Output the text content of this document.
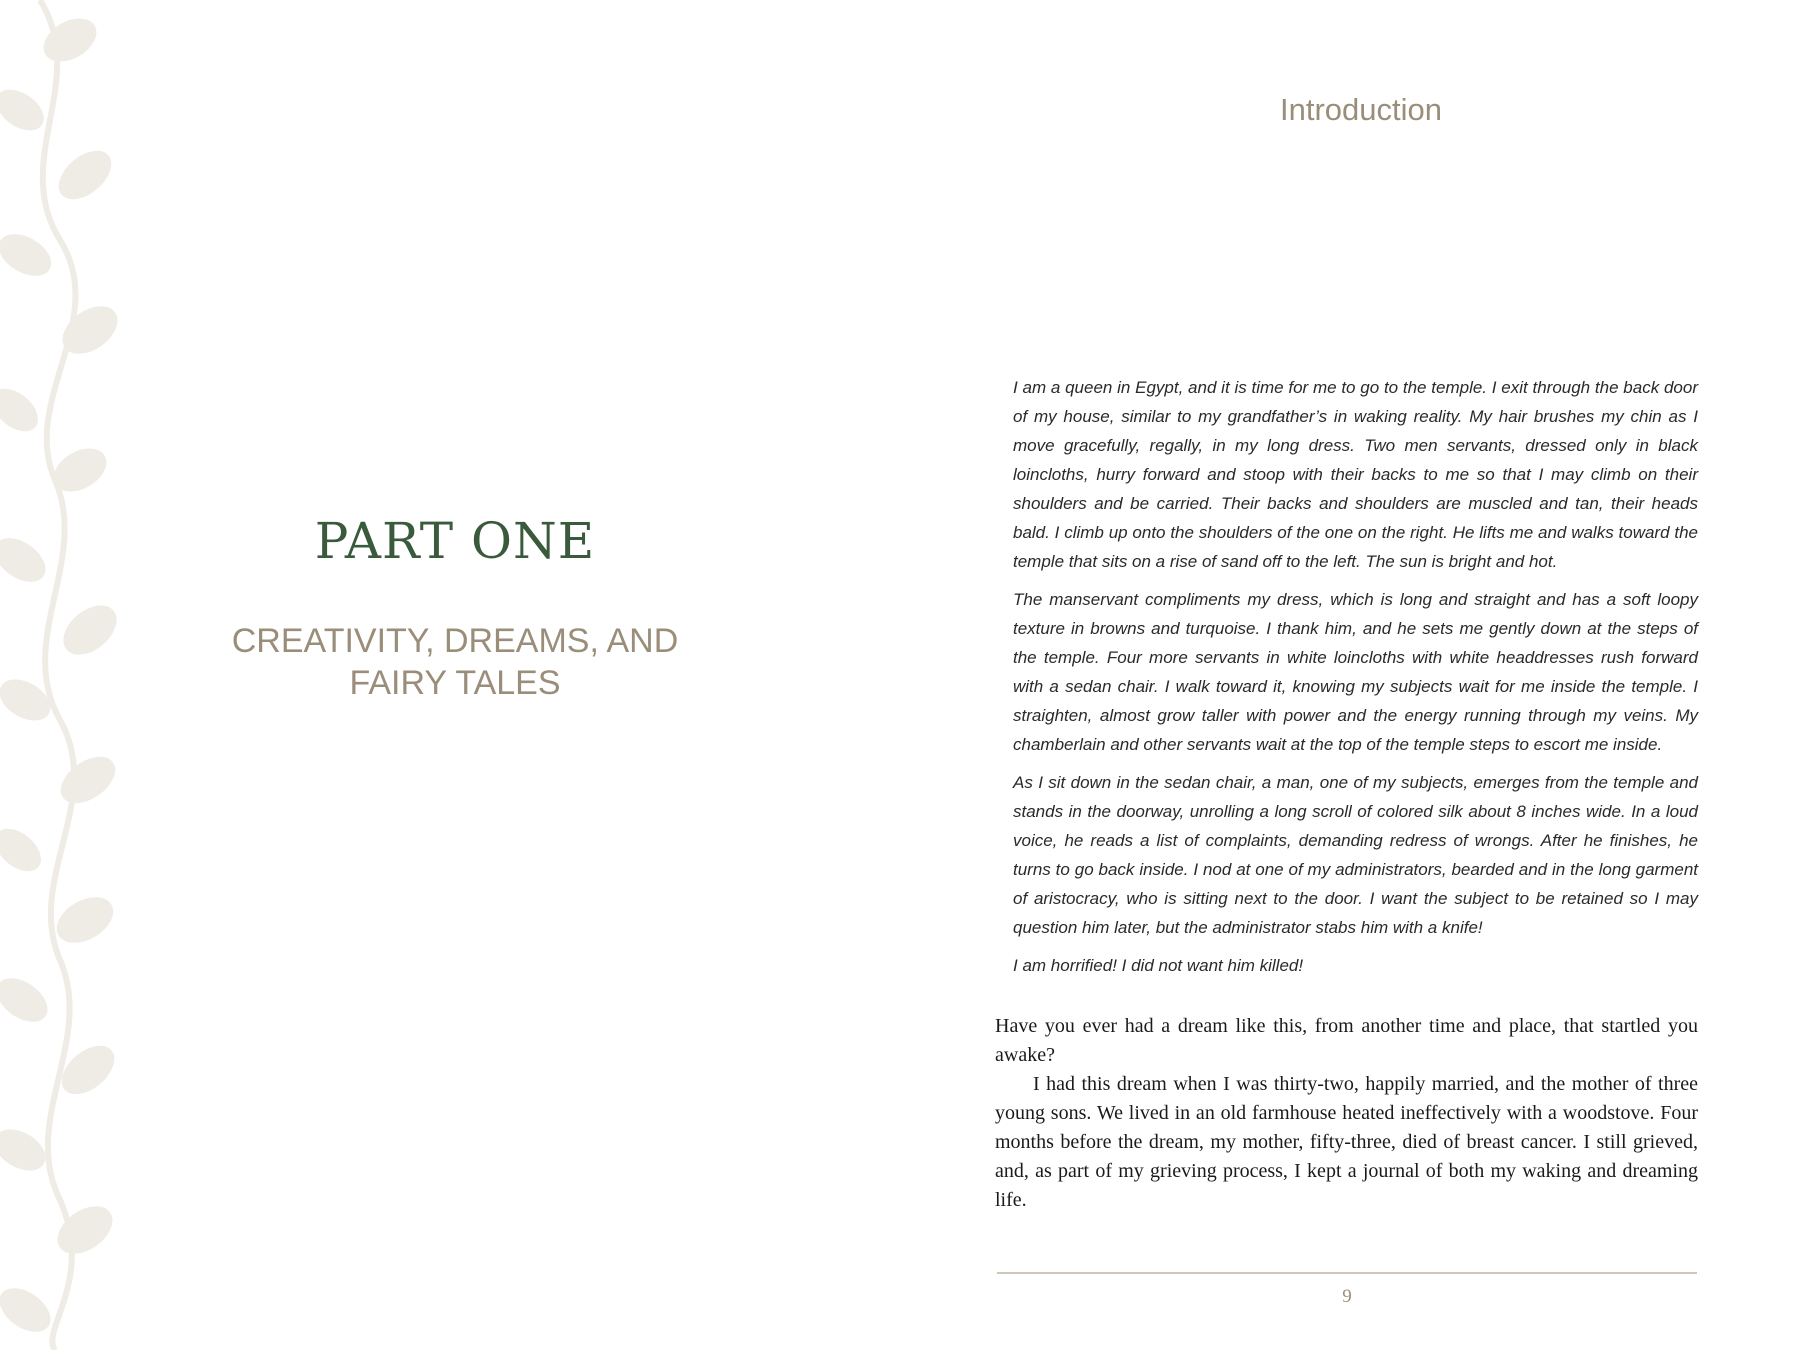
PART ONE
CREATIVITY, DREAMS, AND
FAIRY TALES
Introduction

I am a queen in Egypt, and it is time for me to go to the temple. I exit through the back door of my house, similar to my grandfather’s in waking reality. My hair brushes my chin as I move gracefully, regally, in my long dress. Two men servants, dressed only in black loincloths, hurry forward and stoop with their backs to me so that I may climb on their shoulders and be carried. Their backs and shoulders are muscled and tan, their heads bald. I climb up onto the shoulders of the one on the right. He lifts me and walks toward the temple that sits on a rise of sand off to the left. The sun is bright and hot.

The manservant compliments my dress, which is long and straight and has a soft loopy texture in browns and turquoise. I thank him, and he sets me gently down at the steps of the temple. Four more servants in white loincloths with white headdresses rush forward with a sedan chair. I walk toward it, knowing my subjects wait for me inside the temple. I straighten, almost grow taller with power and the energy running through my veins. My chamberlain and other servants wait at the top of the temple steps to escort me inside.

As I sit down in the sedan chair, a man, one of my subjects, emerges from the temple and stands in the doorway, unrolling a long scroll of colored silk about 8 inches wide. In a loud voice, he reads a list of complaints, demanding redress of wrongs. After he finishes, he turns to go back inside. I nod at one of my administrators, bearded and in the long garment of aristocracy, who is sitting next to the door. I want the subject to be retained so I may question him later, but the administrator stabs him with a knife!

I am horrified! I did not want him killed!

Have you ever had a dream like this, from another time and place, that startled you awake?

I had this dream when I was thirty-two, happily married, and the mother of three young sons. We lived in an old farmhouse heated ineffectively with a woodstove. Four months before the dream, my mother, fifty-three, died of breast cancer. I still grieved, and, as part of my grieving process, I kept a journal of both my waking and dreaming life.

9
